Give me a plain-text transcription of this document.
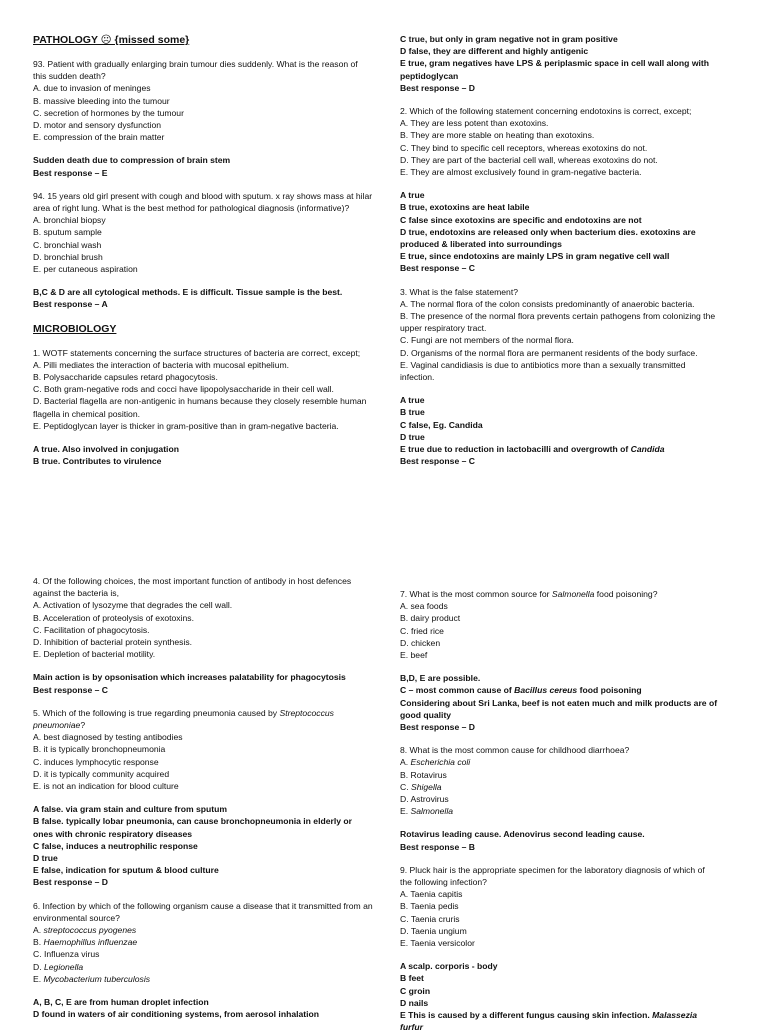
PATHOLOGY ☹ {missed some}
93. Patient with gradually enlarging brain tumour dies suddenly. What is the reason of this sudden death?
A. due to invasion of meninges
B. massive bleeding into the tumour
C. secretion of hormones by the tumour
D. motor and sensory dysfunction
E. compression of the brain matter
Sudden death due to compression of brain stem
Best response – E
94. 15 years old girl present with cough and blood with sputum. x ray shows mass at hilar area of right lung. What is the best method for pathological diagnosis (informative)?
A. bronchial biopsy
B. sputum sample
C. bronchial wash
D. bronchial brush
E. per cutaneous aspiration
B,C & D are all cytological methods. E is difficult. Tissue sample is the best.
Best response – A
MICROBIOLOGY
1. WOTF statements concerning the surface structures of bacteria are correct, except;
A. Pilli mediates the interaction of bacteria with mucosal epithelium.
B. Polysaccharide capsules retard phagocytosis.
C. Both gram-negative rods and cocci have lipopolysaccharide in their cell wall.
D. Bacterial flagella are non-antigenic in humans because they closely resemble human flagella in chemical position.
E. Peptidoglycan layer is thicker in gram-positive than in gram-negative bacteria.
A true. Also involved in conjugation
B true. Contributes to virulence
C true, but only in gram negative not in gram positive
D false, they are different and highly antigenic
E true, gram negatives have LPS & periplasmic space in cell wall along with peptidoglycan
Best response – D
2. Which of the following statement concerning endotoxins is correct, except;
A. They are less potent than exotoxins.
B. They are more stable on heating than exotoxins.
C. They bind to specific cell receptors, whereas exotoxins do not.
D. They are part of the bacterial cell wall, whereas exotoxins do not.
E. They are almost exclusively found in gram-negative bacteria.
A true
B true, exotoxins are heat labile
C false since exotoxins are specific and endotoxins are not
D true, endotoxins are released only when bacterium dies. exotoxins are produced & liberated into surroundings
E true, since endotoxins are mainly LPS in gram negative cell wall
Best response – C
3. What is the false statement?
A. The normal flora of the colon consists predominantly of anaerobic bacteria.
B. The presence of the normal flora prevents certain pathogens from colonizing the upper respiratory tract.
C. Fungi are not members of the normal flora.
D. Organisms of the normal flora are permanent residents of the body surface.
E. Vaginal candidiasis is due to antibiotics more than a sexually transmitted infection.
A true
B true
C false, Eg. Candida
D true
E true due to reduction in lactobacilli and overgrowth of Candida
Best response – C
4. Of the following choices, the most important function of antibody in host defences against the bacteria is,
A. Activation of lysozyme that degrades the cell wall.
B. Acceleration of proteolysis of exotoxins.
C. Facilitation of phagocytosis.
D. Inhibition of bacterial protein synthesis.
E. Depletion of bacterial motility.
Main action is by opsonisation which increases palatability for phagocytosis
Best response – C
5. Which of the following is true regarding pneumonia caused by Streptococcus pneumoniae?
A. best diagnosed by testing antibodies
B. it is typically bronchopneumonia
C. induces lymphocytic response
D. it is typically community acquired
E. is not an indication for blood culture
A false. via gram stain and culture from sputum
B false. typically lobar pneumonia, can cause bronchopneumonia in elderly or ones with chronic respiratory diseases
C false, induces a neutrophilic response
D true
E false, indication for sputum & blood culture
Best response – D
6. Infection by which of the following organism cause a disease that it transmitted from an environmental source?
A. streptococcus pyogenes
B. Haemophillus influenzae
C. Influenza virus
D. Legionella
E. Mycobacterium tuberculosis
A, B, C, E are from human droplet infection
D found in waters of air conditioning systems, from aerosol inhalation
7. What is the most common source for Salmonella food poisoning?
A. sea foods
B. dairy product
C. fried rice
D. chicken
E. beef
B,D, E are possible.
C – most common cause of Bacillus cereus food poisoning
Considering about Sri Lanka, beef is not eaten much and milk products are of good quality
Best response – D
8. What is the most common cause for childhood diarrhoea?
A. Escherichia coli
B. Rotavirus
C. Shigella
D. Astrovirus
E. Salmonella
Rotavirus leading cause. Adenovirus second leading cause.
Best response – B
9. Pluck hair is the appropriate specimen for the laboratory diagnosis of which of the following infection?
A. Taenia capitis
B. Taenia pedis
C. Taenia cruris
D. Taenia ungium
E. Taenia versicolor
A scalp. corporis - body
B feet
C groin
D nails
E This is caused by a different fungus causing skin infection. Malassezia furfur
